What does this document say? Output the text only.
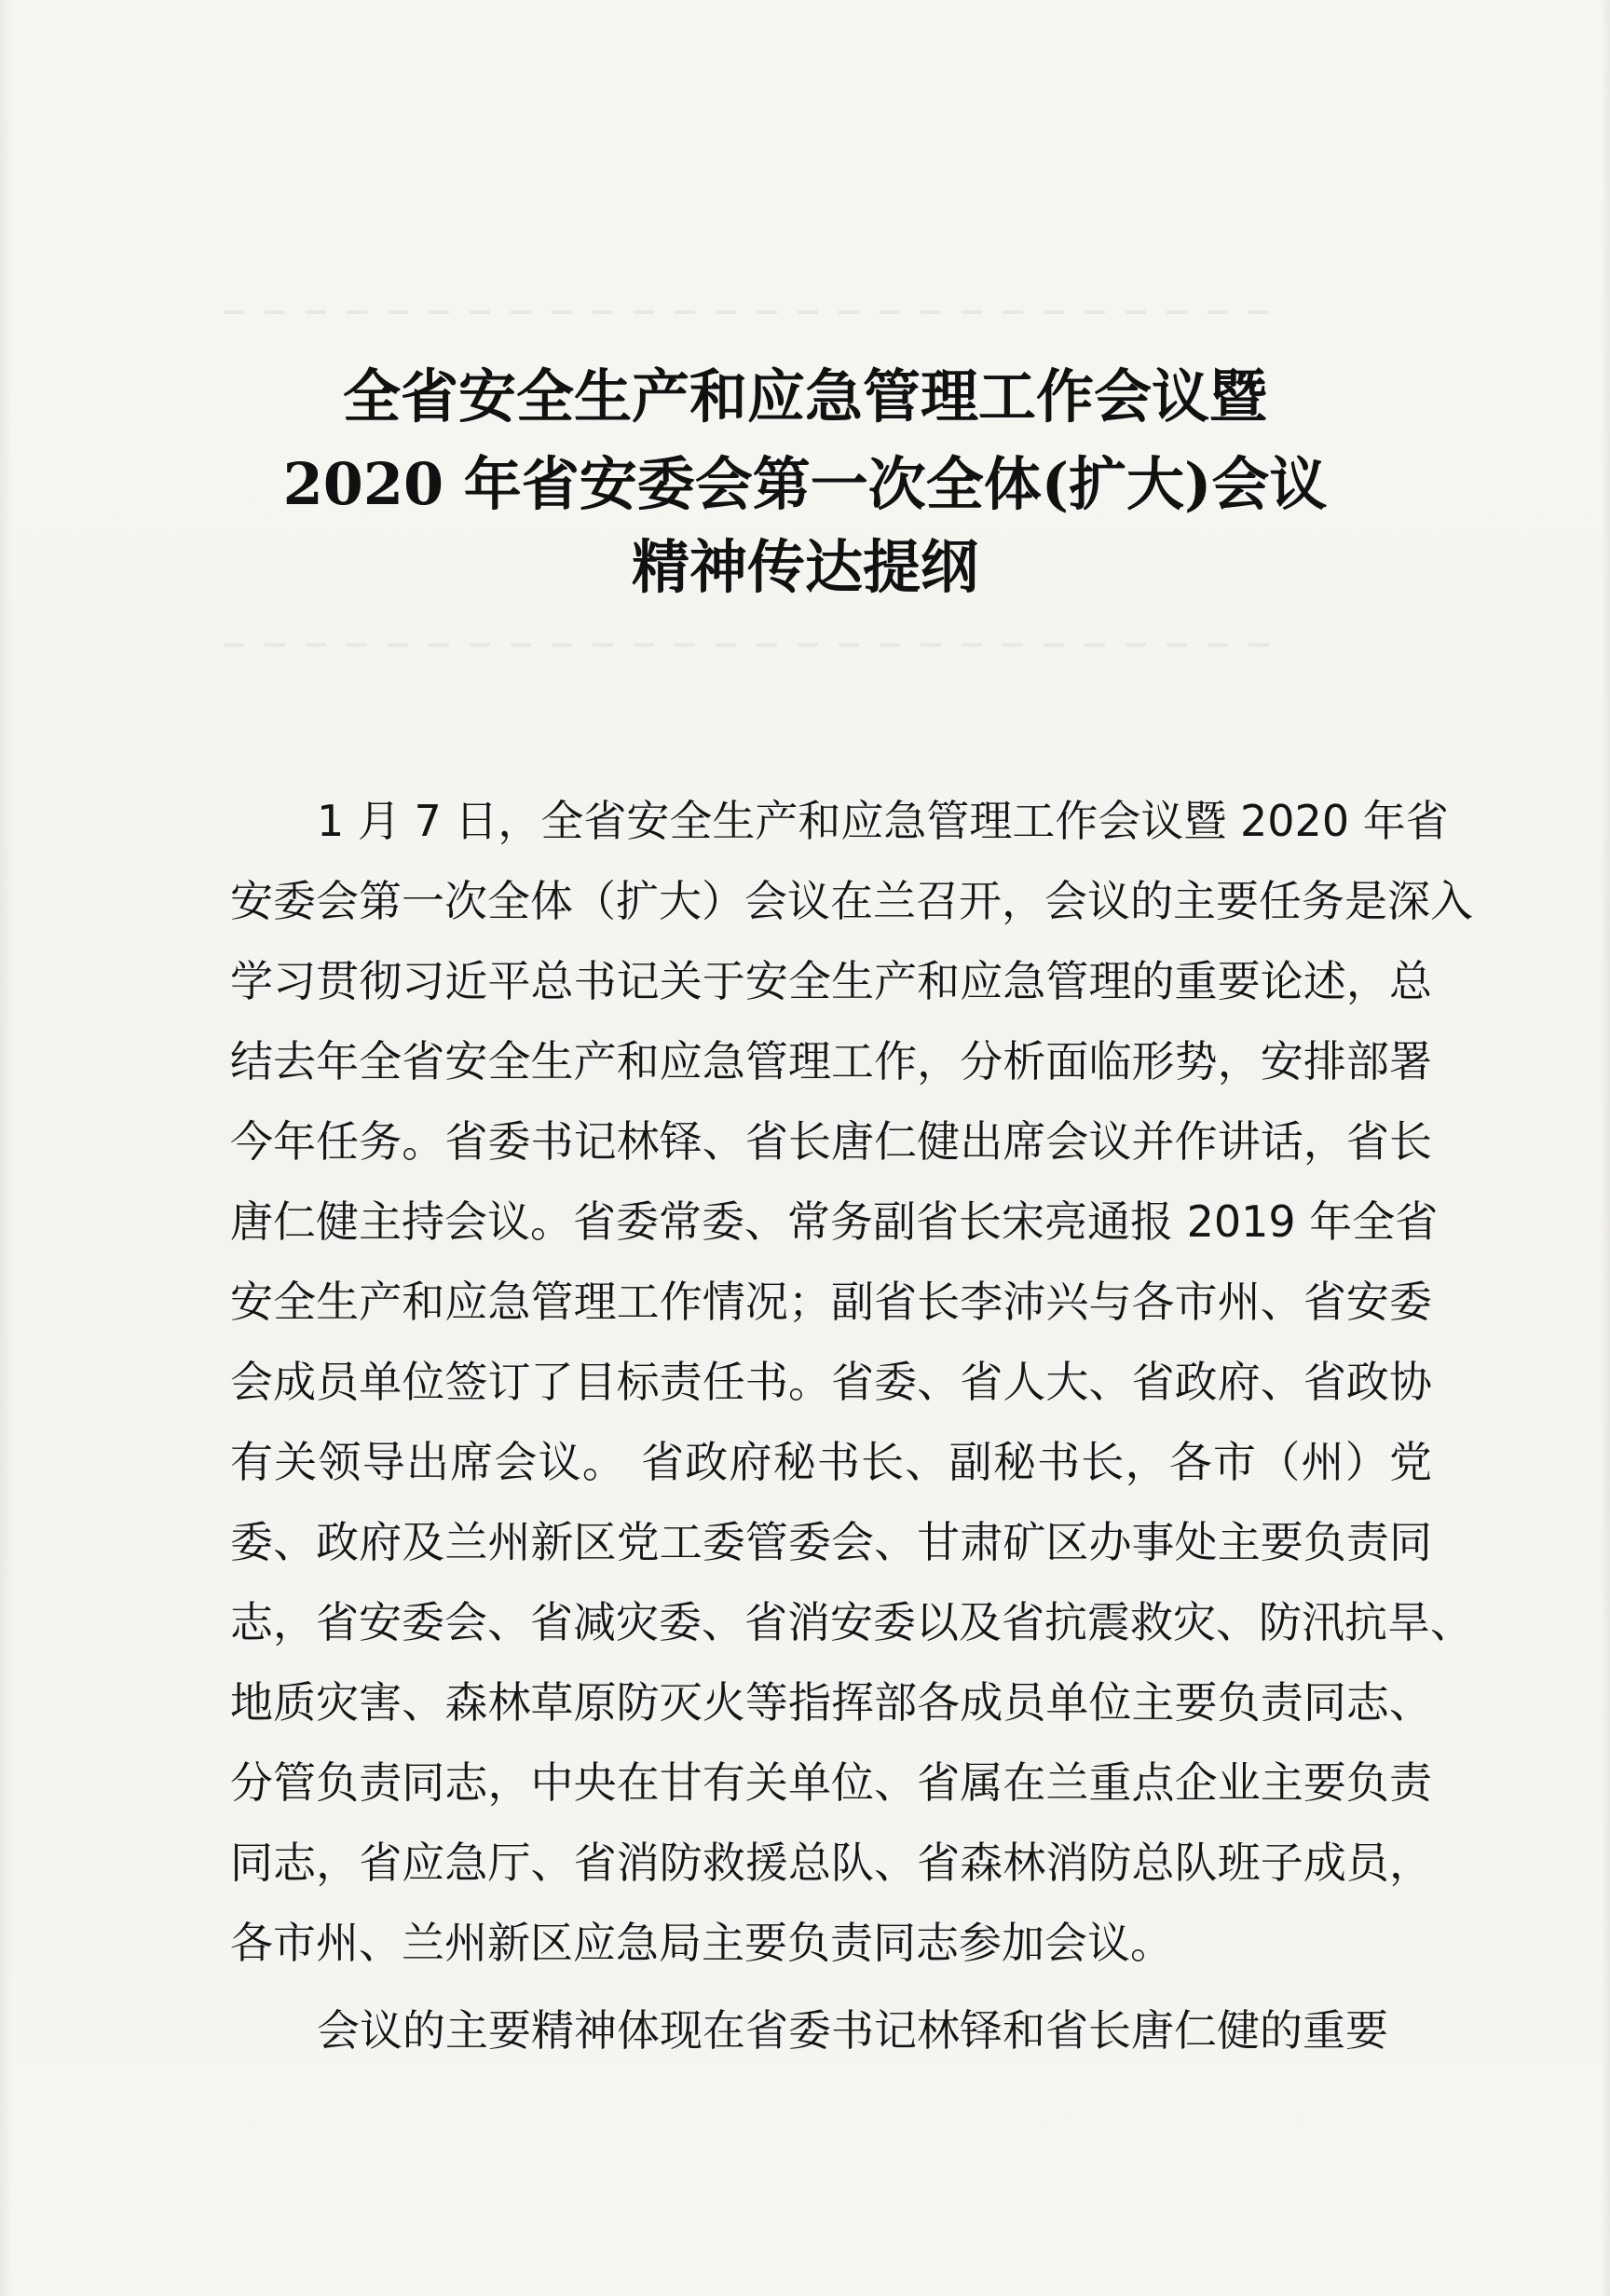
全省安全生产和应急管理工作会议暨
2020 年省安委会第一次全体(扩大)会议
精神传达提纲
1 月 7 日，全省安全生产和应急管理工作会议暨 2020 年省
安委会第一次全体（扩大）会议在兰召开，会议的主要任务是深入
学习贯彻习近平总书记关于安全生产和应急管理的重要论述，总
结去年全省安全生产和应急管理工作，分析面临形势，安排部署
今年任务。省委书记林铎、省长唐仁健出席会议并作讲话，省长
唐仁健主持会议。省委常委、常务副省长宋亮通报 2019 年全省
安全生产和应急管理工作情况；副省长李沛兴与各市州、省安委
会成员单位签订了目标责任书。省委、省人大、省政府、省政协
有关领导出席会议。 省政府秘书长、副秘书长，各市（州）党
委、政府及兰州新区党工委管委会、甘肃矿区办事处主要负责同
志，省安委会、省减灾委、省消安委以及省抗震救灾、防汛抗旱、
地质灾害、森林草原防灭火等指挥部各成员单位主要负责同志、
分管负责同志，中央在甘有关单位、省属在兰重点企业主要负责
同志，省应急厅、省消防救援总队、省森林消防总队班子成员，
各市州、兰州新区应急局主要负责同志参加会议。
会议的主要精神体现在省委书记林铎和省长唐仁健的重要
